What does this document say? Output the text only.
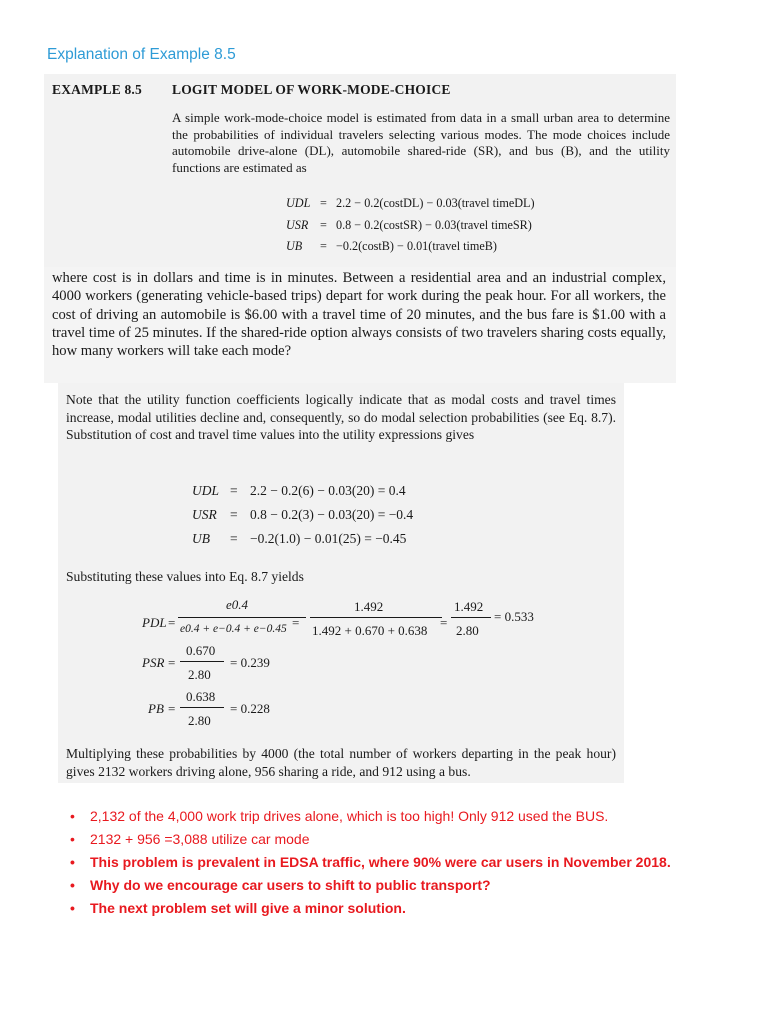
Explanation of Example 8.5
EXAMPLE 8.5 LOGIT MODEL OF WORK-MODE-CHOICE
A simple work-mode-choice model is estimated from data in a small urban area to determine the probabilities of individual travelers selecting various modes. The mode choices include automobile drive-alone (DL), automobile shared-ride (SR), and bus (B), and the utility functions are estimated as
UDL = 2.2 − 0.2(costDL) − 0.03(travel timeDL)
USR = 0.8 − 0.2(costSR) − 0.03(travel timeSR)
UB = −0.2(costB) − 0.01(travel timeB)
where cost is in dollars and time is in minutes. Between a residential area and an industrial complex, 4000 workers (generating vehicle-based trips) depart for work during the peak hour. For all workers, the cost of driving an automobile is $6.00 with a travel time of 20 minutes, and the bus fare is $1.00 with a travel time of 25 minutes. If the shared-ride option always consists of two travelers sharing costs equally, how many workers will take each mode?
Note that the utility function coefficients logically indicate that as modal costs and travel times increase, modal utilities decline and, consequently, so do modal selection probabilities (see Eq. 8.7). Substitution of cost and travel time values into the utility expressions gives
UDL = 2.2 − 0.2(6) − 0.03(20) = 0.4
USR = 0.8 − 0.2(3) − 0.03(20) = −0.4
UB = −0.2(1.0) − 0.01(25) = −0.45
Substituting these values into Eq. 8.7 yields
PDL =
e0.4
e0.4 + e−0.4 + e−0.45 =
1.492
1.492 + 0.670 + 0.638
=
1.492
2.80
= 0.533
PSR =
0.670
2.80
= 0.239
PB =
0.638
2.80
= 0.228
Multiplying these probabilities by 4000 (the total number of workers departing in the peak hour) gives 2132 workers driving alone, 956 sharing a ride, and 912 using a bus.
• 2,132 of the 4,000 work trip drives alone, which is too high! Only 912 used the BUS.
• 2132 + 956 =3,088 utilize car mode
• This problem is prevalent in EDSA traffic, where 90% were car users in November 2018.
• Why do we encourage car users to shift to public transport?
• The next problem set will give a minor solution.
